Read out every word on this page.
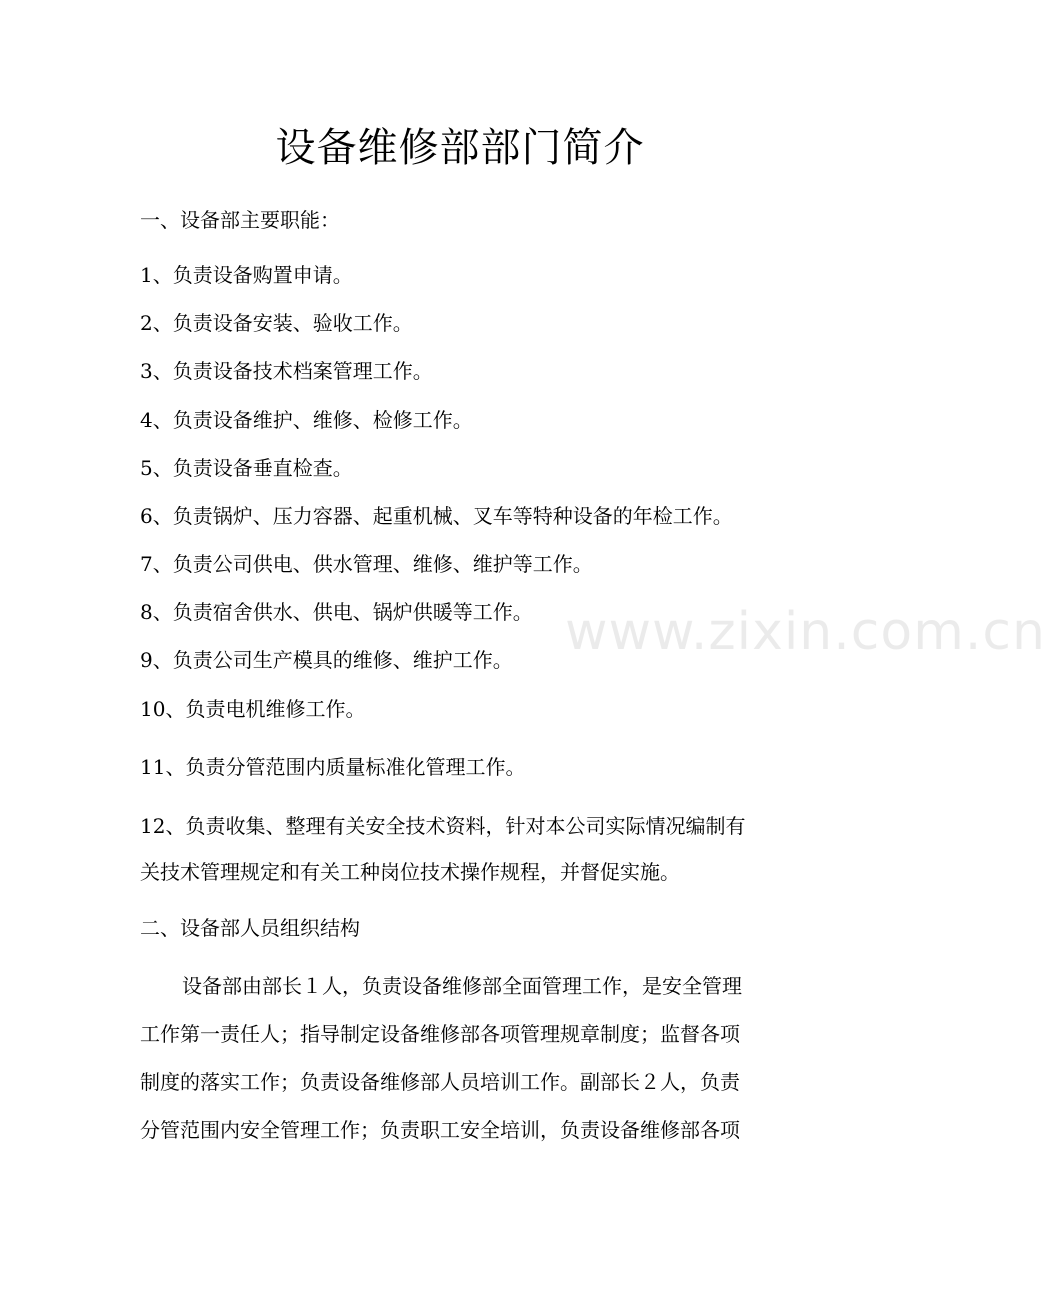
设备维修部部门简介
一、设备部主要职能：
1、负责设备购置申请。
2、负责设备安装、验收工作。
3、负责设备技术档案管理工作。
4、负责设备维护、维修、检修工作。
5、负责设备垂直检查。
6、负责锅炉、压力容器、起重机械、叉车等特种设备的年检工作。
7、负责公司供电、供水管理、维修、维护等工作。
8、负责宿舍供水、供电、锅炉供暖等工作。
9、负责公司生产模具的维修、维护工作。
10、负责电机维修工作。
11、负责分管范围内质量标准化管理工作。
12、负责收集、整理有关安全技术资料，针对本公司实际情况编制有
关技术管理规定和有关工种岗位技术操作规程，并督促实施。
二、设备部人员组织结构
设备部由部长１人，负责设备维修部全面管理工作，是安全管理
工作第一责任人；指导制定设备维修部各项管理规章制度；监督各项
制度的落实工作；负责设备维修部人员培训工作。副部长２人，负责
分管范围内安全管理工作；负责职工安全培训，负责设备维修部各项
www.zixin.com.cn
